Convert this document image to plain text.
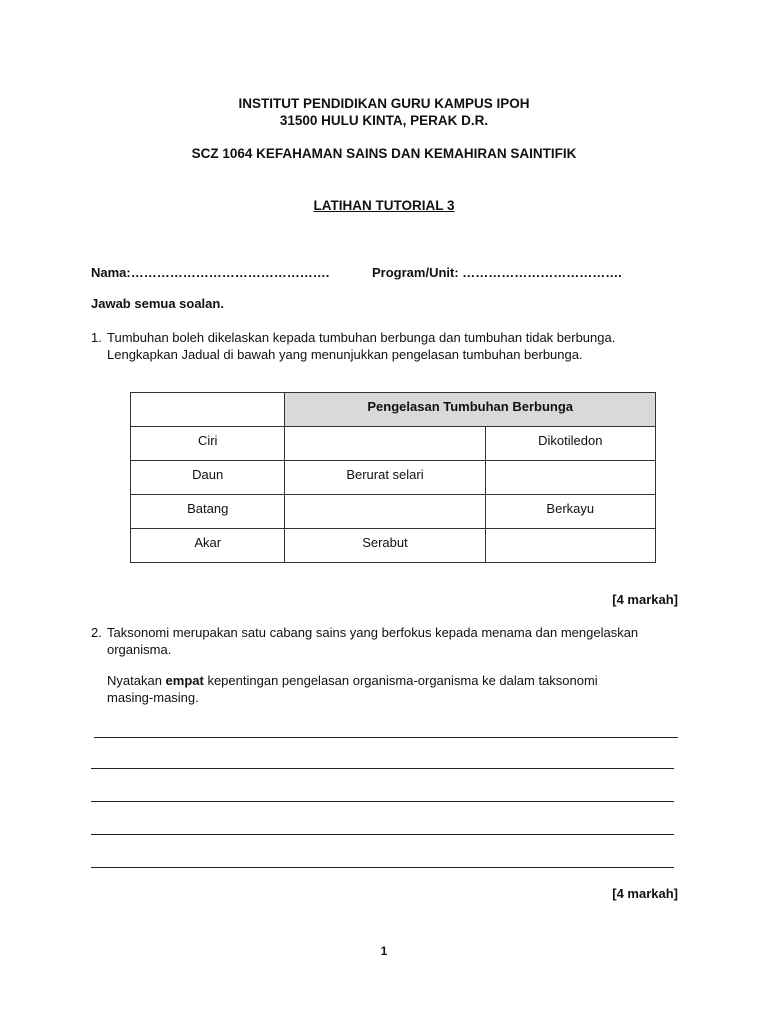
INSTITUT PENDIDIKAN GURU KAMPUS IPOH
31500 HULU KINTA, PERAK D.R.
SCZ 1064 KEFAHAMAN SAINS DAN KEMAHIRAN SAINTIFIK
LATIHAN TUTORIAL 3
Nama:……………………………………….	Program/Unit: ……………………………….
Jawab semua soalan.
1. Tumbuhan boleh dikelaskan kepada tumbuhan berbunga dan tumbuhan tidak berbunga.
Lengkapkan Jadual di bawah yang menunjukkan pengelasan tumbuhan berbunga.

	Pengelasan Tumbuhan Berbunga	

Ciri		Dikotiledon

Daun	Berurat selari	

Batang		Berkayu

Akar	Serabut	

[4 markah]
2. Taksonomi merupakan satu cabang sains yang berfokus kepada menama dan mengelaskan
organisma.
Nyatakan empat kepentingan pengelasan organisma-organisma ke dalam taksonomi
masing-masing.
[4 markah]
1
